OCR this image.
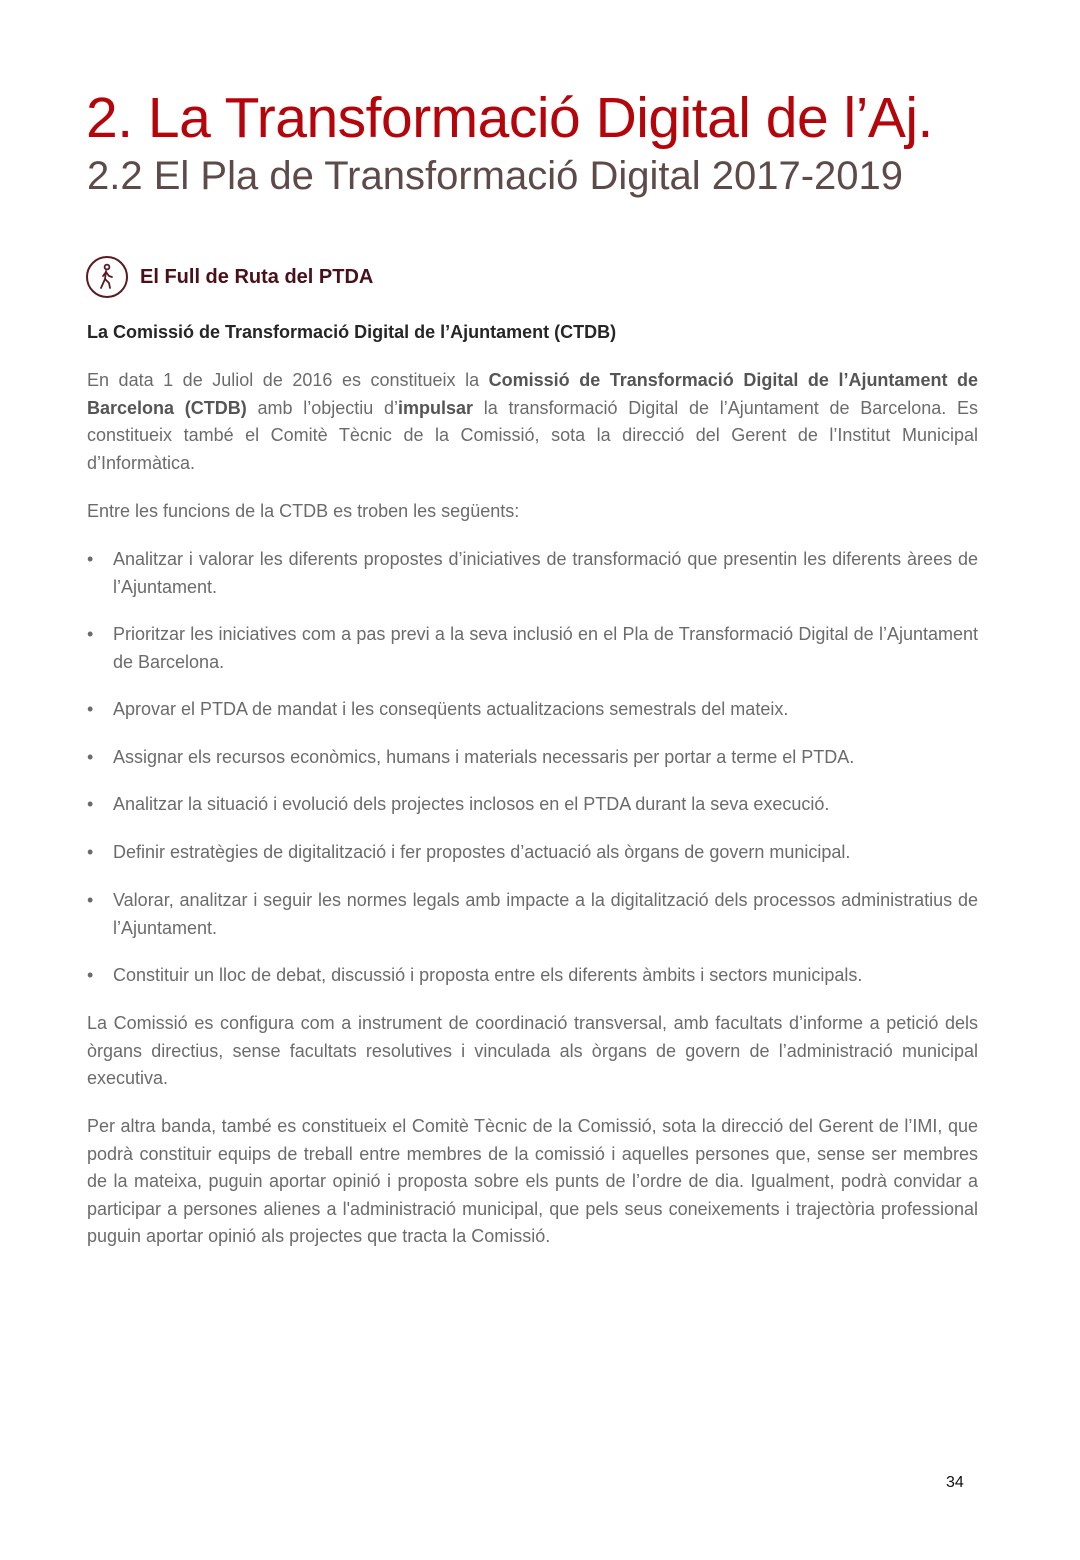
2. La Transformació Digital de l’Aj.
2.2 El Pla de Transformació Digital 2017-2019
El Full de Ruta del PTDA
La Comissió de Transformació Digital de l’Ajuntament (CTDB)
En data 1 de Juliol de 2016 es constitueix la Comissió de Transformació Digital de l’Ajuntament de Barcelona (CTDB) amb l’objectiu d’impulsar la transformació Digital de l’Ajuntament de Barcelona. Es constitueix també el Comitè Tècnic de la Comissió, sota la direcció del Gerent de l’Institut Municipal d’Informàtica.
Entre les funcions de la CTDB es troben les següents:
• Analitzar i valorar les diferents propostes d’iniciatives de transformació que presentin les diferents àrees de l’Ajuntament.
• Prioritzar les iniciatives com a pas previ a la seva inclusió en el Pla de Transformació Digital de l’Ajuntament de Barcelona.
• Aprovar el PTDA de mandat i les conseqüents actualitzacions semestrals del mateix.
• Assignar els recursos econòmics, humans i materials necessaris per portar a terme el PTDA.
• Analitzar la situació i evolució dels projectes inclosos en el PTDA durant la seva execució.
• Definir estratègies de digitalització i fer propostes d’actuació als òrgans de govern municipal.
• Valorar, analitzar i seguir les normes legals amb impacte a la digitalització dels processos administratius de l’Ajuntament.
• Constituir un lloc de debat, discussió i proposta entre els diferents àmbits i sectors municipals.
La Comissió es configura com a instrument de coordinació transversal, amb facultats d’informe a petició dels òrgans directius, sense facultats resolutives i vinculada als òrgans de govern de l’administració municipal executiva.
Per altra banda, també es constitueix el Comitè Tècnic de la Comissió, sota la direcció del Gerent de l’IMI, que podrà constituir equips de treball entre membres de la comissió i aquelles persones que, sense ser membres de la mateixa, puguin aportar opinió i proposta sobre els punts de l’ordre de dia. Igualment, podrà convidar a participar a persones alienes a l'administració municipal, que pels seus coneixements i trajectòria professional puguin aportar opinió als projectes que tracta la Comissió.
34
